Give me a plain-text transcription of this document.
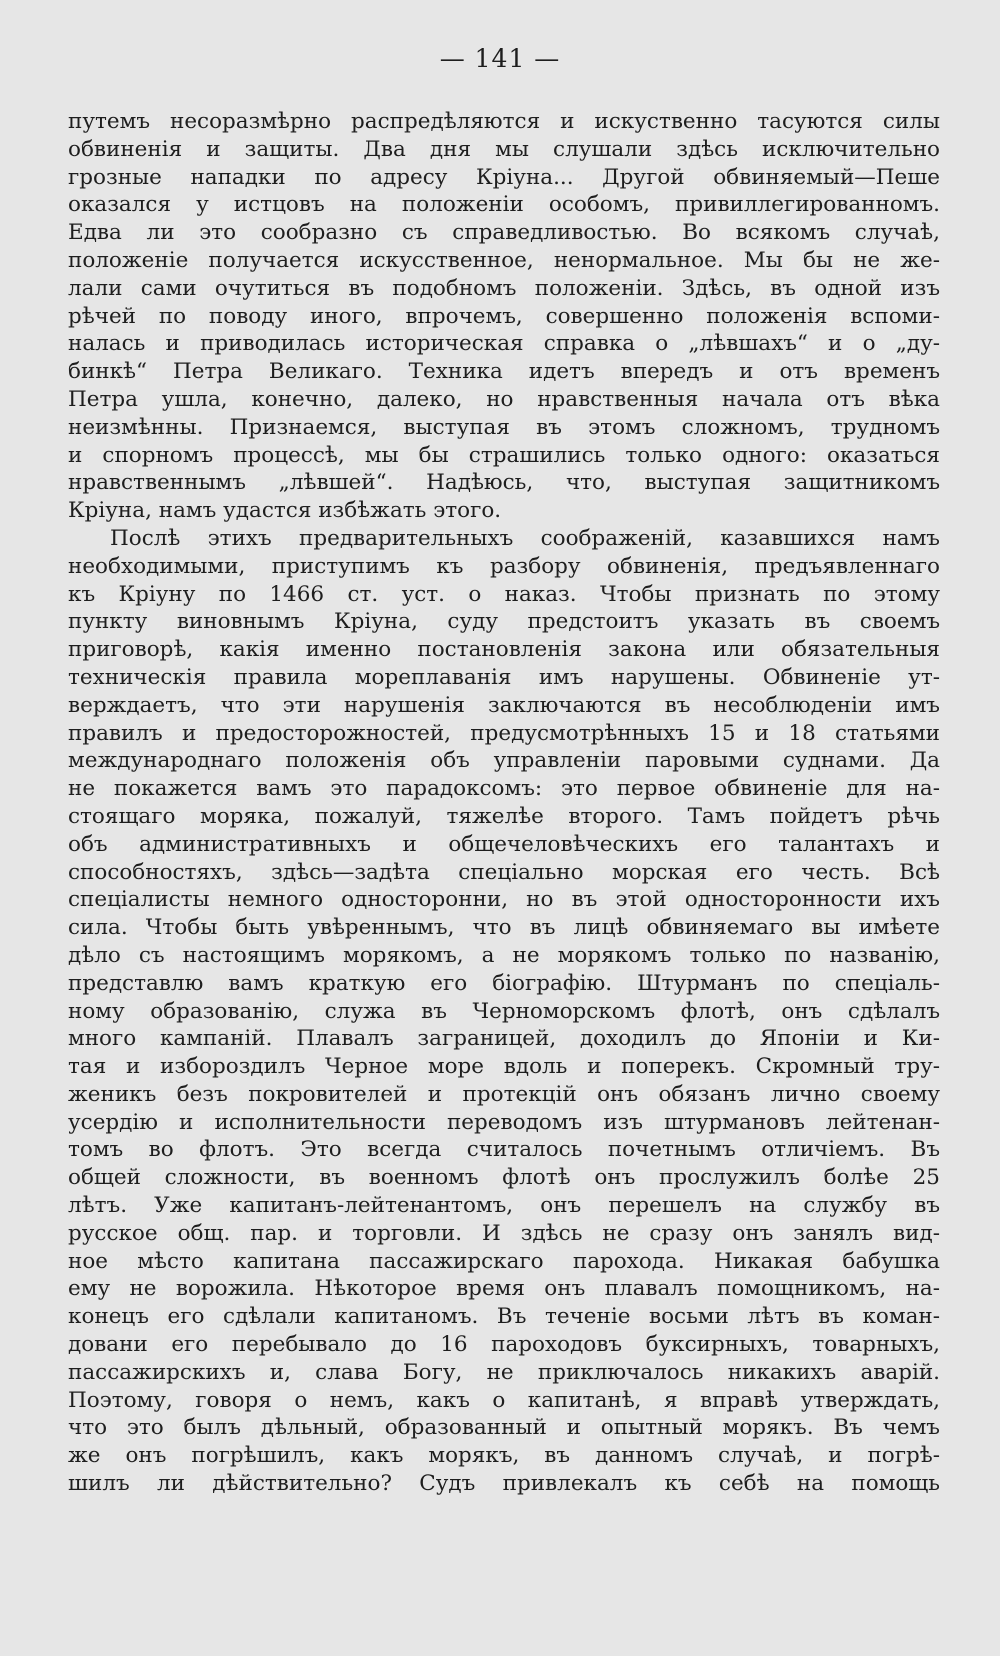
— 141 —
путемъ несоразмѣрно распредѣляются и искуственно тасуются силы
обвиненія и защиты. Два дня мы слушали здѣсь исключительно
грозные нападки по адресу Кріуна... Другой обвиняемый—Пеше
оказался у истцовъ на положеніи особомъ, привиллегированномъ.
Едва ли это сообразно съ справедливостью. Во всякомъ случаѣ,
положеніе получается искусственное, ненормальное. Мы бы не же-
лали сами очутиться въ подобномъ положеніи. Здѣсь, въ одной изъ
рѣчей по поводу иного, впрочемъ, совершенно положенія вспоми-
налась и приводилась историческая справка о „лѣвшахъ“ и о „ду-
бинкѣ“ Петра Великаго. Техника идетъ впередъ и отъ временъ
Петра ушла, конечно, далеко, но нравственныя начала отъ вѣка
неизмѣнны. Признаемся, выступая въ этомъ сложномъ, трудномъ
и спорномъ процессѣ, мы бы страшились только одного: оказаться
нравственнымъ „лѣвшей“. Надѣюсь, что, выступая защитникомъ
Кріуна, намъ удастся избѣжать этого.
Послѣ этихъ предварительныхъ соображеній, казавшихся намъ
необходимыми, приступимъ къ разбору обвиненія, предъявленнаго
къ Кріуну по 1466 ст. уст. о наказ. Чтобы признать по этому
пункту виновнымъ Кріуна, суду предстоитъ указать въ своемъ
приговорѣ, какія именно постановленія закона или обязательныя
техническія правила мореплаванія имъ нарушены. Обвиненіе ут-
верждаетъ, что эти нарушенія заключаются въ несоблюденіи имъ
правилъ и предосторожностей, предусмотрѣнныхъ 15 и 18 статьями
международнаго положенія объ управленіи паровыми суднами. Да
не покажется вамъ это парадоксомъ: это первое обвиненіе для на-
стоящаго моряка, пожалуй, тяжелѣе второго. Тамъ пойдетъ рѣчь
объ административныхъ и общечеловѣческихъ его талантахъ и
способностяхъ, здѣсь—задѣта спеціально морская его честь. Всѣ
спеціалисты немного односторонни, но въ этой односторонности ихъ
сила. Чтобы быть увѣреннымъ, что въ лицѣ обвиняемаго вы имѣете
дѣло съ настоящимъ морякомъ, а не морякомъ только по названію,
представлю вамъ краткую его біографію. Штурманъ по спеціаль-
ному образованію, служа въ Черноморскомъ флотѣ, онъ сдѣлалъ
много кампаній. Плавалъ заграницей, доходилъ до Японіи и Ки-
тая и избороздилъ Черное море вдоль и поперекъ. Скромный тру-
женикъ безъ покровителей и протекцій онъ обязанъ лично своему
усердію и исполнительности переводомъ изъ штурмановъ лейтенан-
томъ во флотъ. Это всегда считалось почетнымъ отличіемъ. Въ
общей сложности, въ военномъ флотѣ онъ прослужилъ болѣе 25
лѣтъ. Уже капитанъ-лейтенантомъ, онъ перешелъ на службу въ
русское общ. пар. и торговли. И здѣсь не сразу онъ занялъ вид-
ное мѣсто капитана пассажирскаго парохода. Никакая бабушка
ему не ворожила. Нѣкоторое время онъ плавалъ помощникомъ, на-
конецъ его сдѣлали капитаномъ. Въ теченіе восьми лѣтъ въ коман-
довани его перебывало до 16 пароходовъ буксирныхъ, товарныхъ,
пассажирскихъ и, слава Богу, не приключалось никакихъ аварій.
Поэтому, говоря о немъ, какъ о капитанѣ, я вправѣ утверждать,
что это былъ дѣльный, образованный и опытный морякъ. Въ чемъ
же онъ погрѣшилъ, какъ морякъ, въ данномъ случаѣ, и погрѣ-
шилъ ли дѣйствительно? Судъ привлекалъ къ себѣ на помощь
